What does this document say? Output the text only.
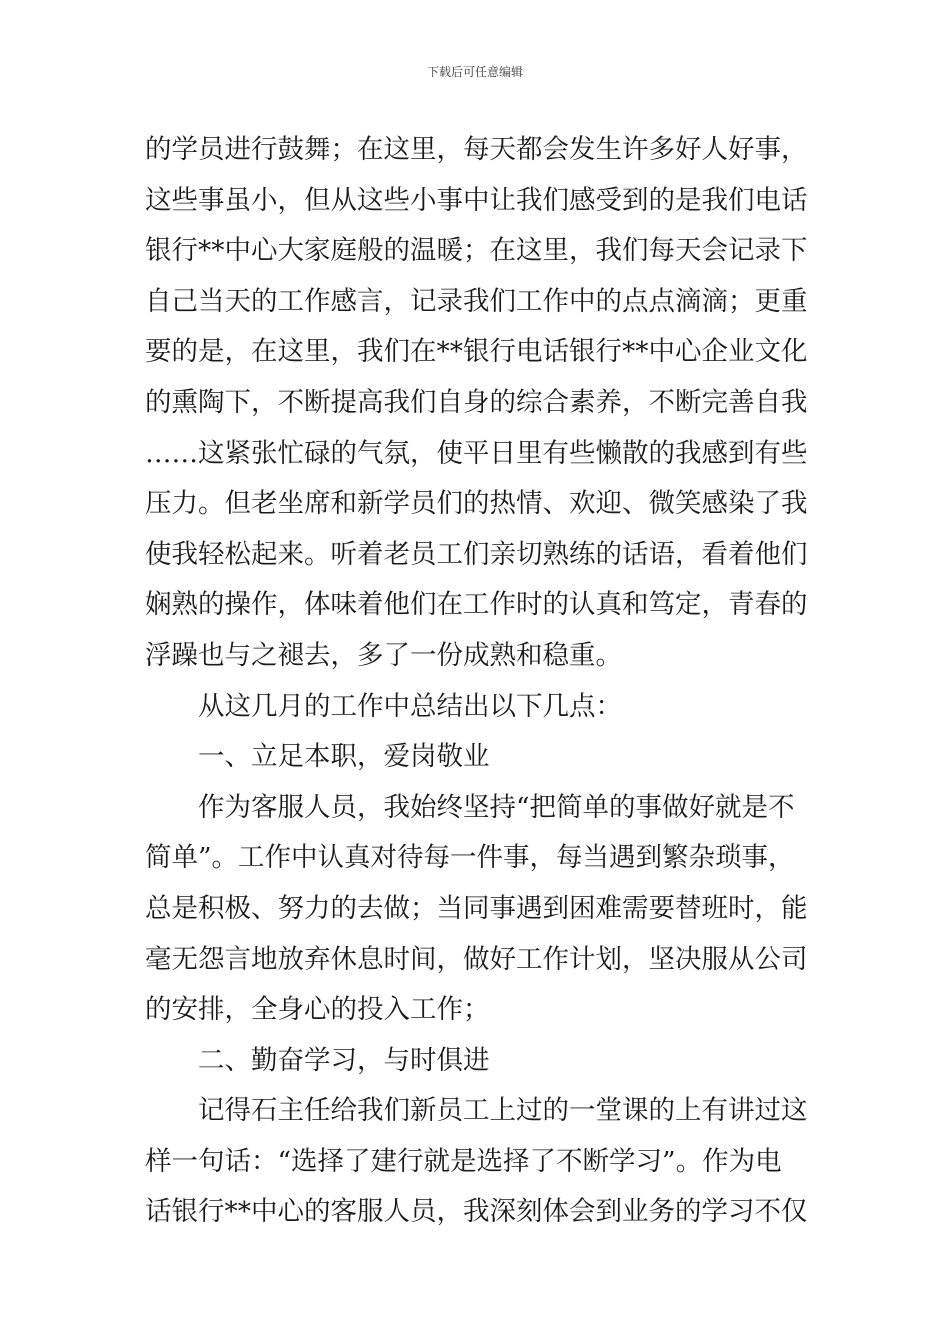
下载后可任意编辑
的学员进行鼓舞；在这里，每天都会发生许多好人好事，
这些事虽小，但从这些小事中让我们感受到的是我们电话
银行**中心大家庭般的温暖；在这里，我们每天会记录下
自己当天的工作感言，记录我们工作中的点点滴滴；更重
要的是，在这里，我们在**银行电话银行**中心企业文化
的熏陶下，不断提高我们自身的综合素养，不断完善自我
……这紧张忙碌的气氛，使平日里有些懒散的我感到有些
压力。但老坐席和新学员们的热情、欢迎、微笑感染了我
使我轻松起来。听着老员工们亲切熟练的话语，看着他们
娴熟的操作，体味着他们在工作时的认真和笃定，青春的
浮躁也与之褪去，多了一份成熟和稳重。
从这几月的工作中总结出以下几点：
一、立足本职，爱岗敬业
作为客服人员，我始终坚持“把简单的事做好就是不
简单”。工作中认真对待每一件事，每当遇到繁杂琐事，
总是积极、努力的去做；当同事遇到困难需要替班时，能
毫无怨言地放弃休息时间，做好工作计划，坚决服从公司
的安排，全身心的投入工作；
二、勤奋学习，与时俱进
记得石主任给我们新员工上过的一堂课的上有讲过这
样一句话：“选择了建行就是选择了不断学习”。作为电
话银行**中心的客服人员，我深刻体会到业务的学习不仅
